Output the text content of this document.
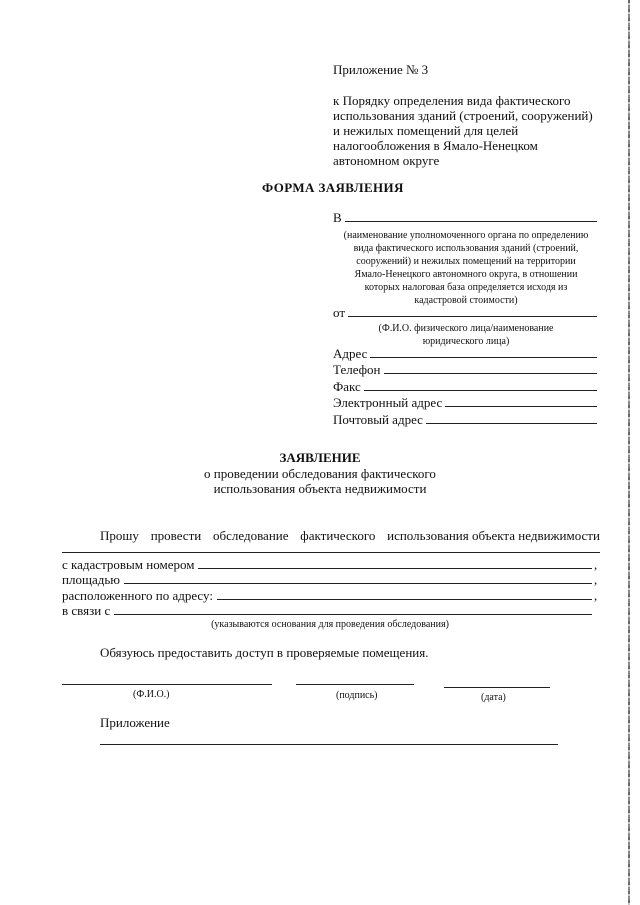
Приложение № 3
к Порядку определения вида фактического
использования зданий (строений, сооружений)
и нежилых помещений для целей
налогообложения в Ямало-Ненецком
автономном округе
ФОРМА ЗАЯВЛЕНИЯ
В
(наименование уполномоченного органа по определению
вида фактического использования зданий (строений,
сооружений) и нежилых помещений на территории
Ямало-Ненецкого автономного округа, в отношении
которых налоговая база определяется исходя из
кадастровой стоимости)
от
(Ф.И.О. физического лица/наименование
юридического лица)
Адрес
Телефон
Факс
Электронный адрес
Почтовый адрес
ЗАЯВЛЕНИЕ
о проведении обследования фактического
использования объекта недвижимости
Прошу провести обследование фактического использования объекта недвижимости
с кадастровым номером	,
площадью	,
расположенного по адресу:	,
в связи с
(указываются основания для проведения обследования)
Обязуюсь предоставить доступ в проверяемые помещения.
(Ф.И.О.)	(подпись)	(дата)
Приложение
